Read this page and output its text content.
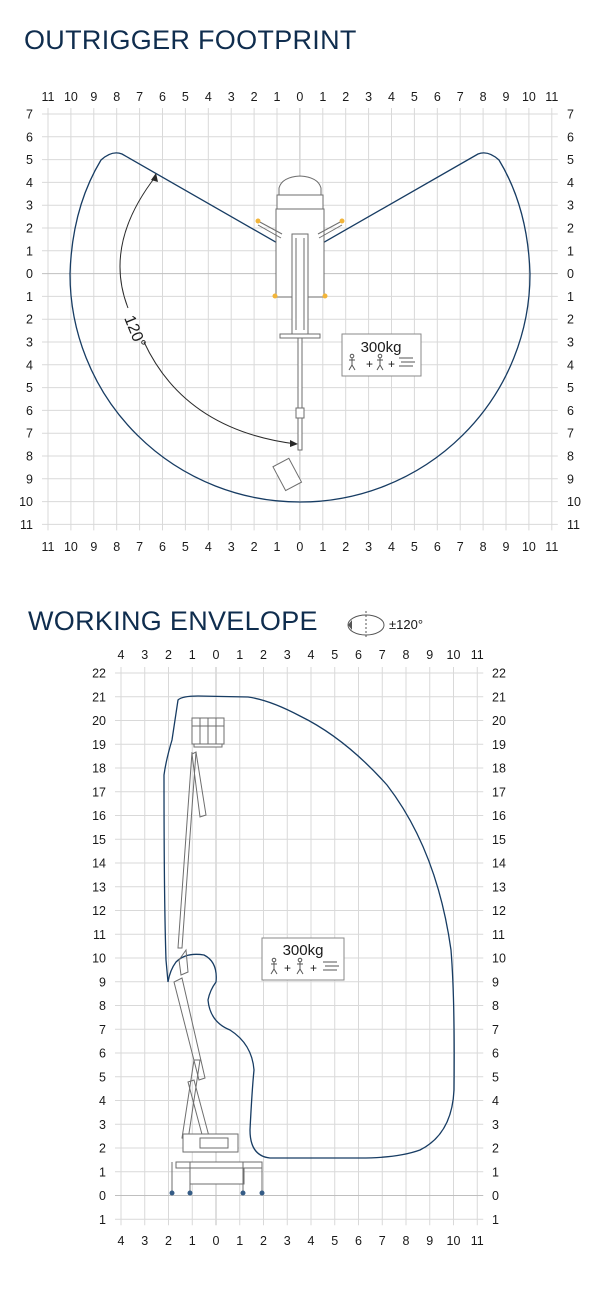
OUTRIGGER FOOTPRINT
WORKING ENVELOPE
11
11
10
10
9
9
8
8
7
7
6
6
5
5
4
4
3
3
2
2
1
1
0
0
1
1
2
2
3
3
4
4
5
5
6
6
7
7
8
8
9
9
10
10
11
11
7	7
6	6
5	5
4	4
3	3
2	2
1	1
0	0
1	1
2	2
3	3
4	4
5	5
6	6
7	7
8	8
9	9
10	10
11	11
120°	300kg
+ +
4
4
3
3
2
2
1
1
0
0
1
1
2
2
3
3
4
4
5
5
6
6
7
7
8
8
9
9
10
10
11
11
22	22
21	21
20	20
19	19
18	18
17	17
16	16
15	15
14	14
13	13
12	12
11	11
10	10
9	9
8	8
7	7
6	6
5	5
4	4
3	3
2	2
1	1
0	0
1	1
±120°
300kg
+ +
